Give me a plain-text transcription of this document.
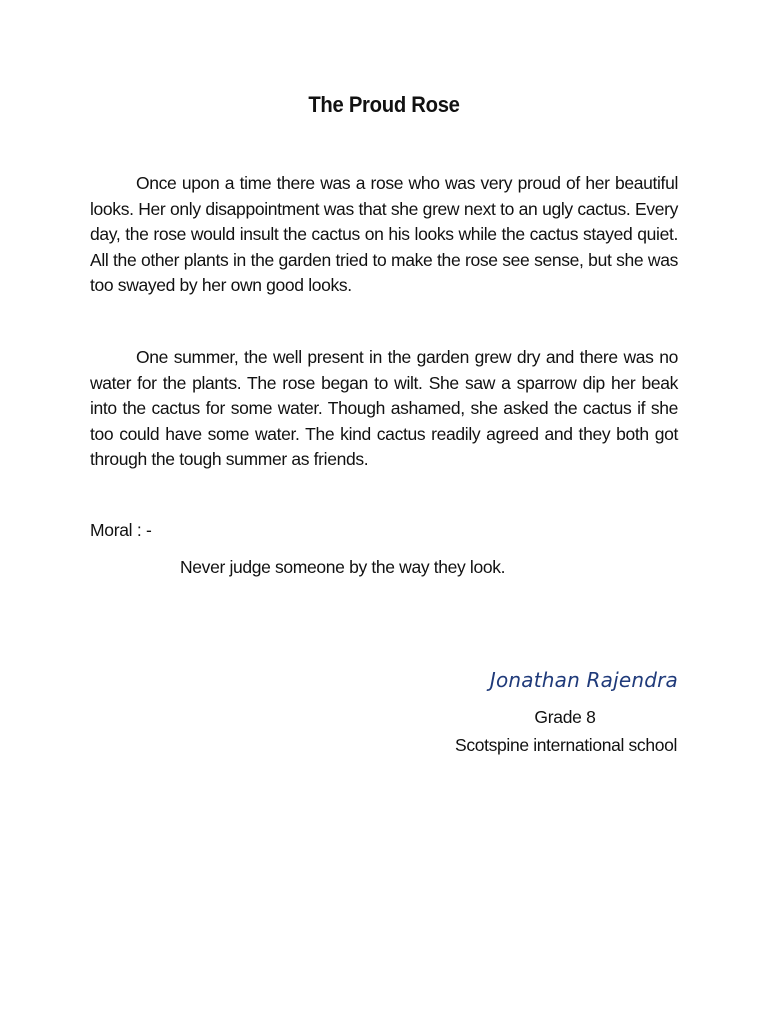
The Proud Rose

Once upon a time there was a rose who was very proud of her beautiful looks. Her only disappointment was that she grew next to an ugly cactus. Every day, the rose would insult the cactus on his looks while the cactus stayed quiet. All the other plants in the garden tried to make the rose see sense, but she was too swayed by her own good looks.

One summer, the well present in the garden grew dry and there was no water for the plants. The rose began to wilt. She saw a sparrow dip her beak into the cactus for some water. Though ashamed, she asked the cactus if she too could have some water. The kind cactus readily agreed and they both got through the tough summer as friends.

Moral : -
Never judge someone by the way they look.
Jonathan Rajendra
Grade 8
Scotspine international school
